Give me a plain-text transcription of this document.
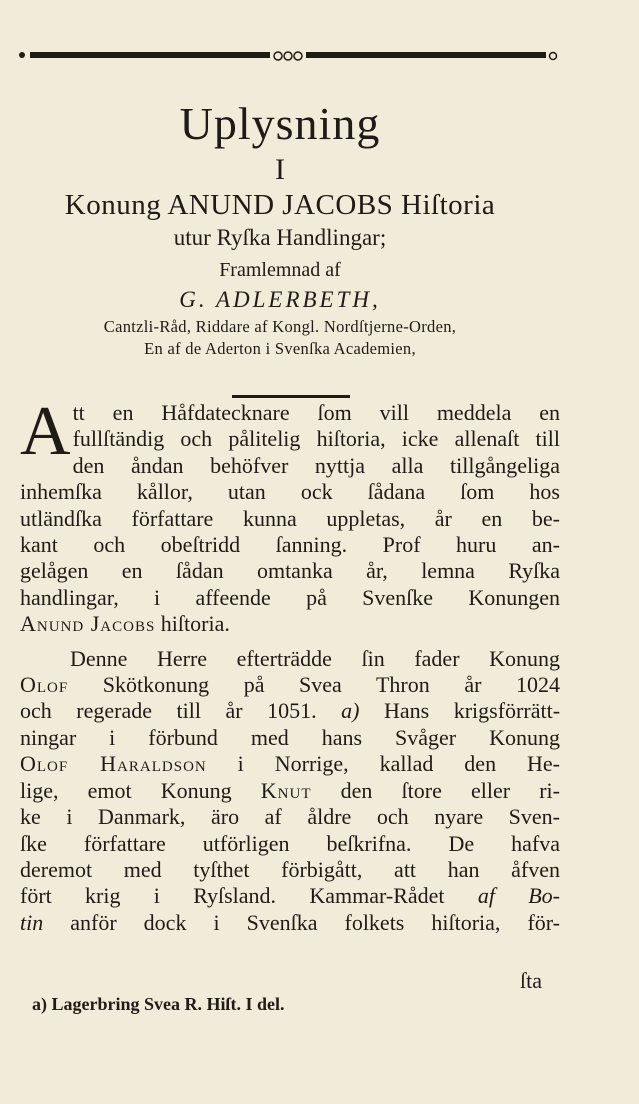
Uplysning
I
Konung ANUND JACOBS Hiſtoria
utur Ryſka Handlingar;
Framlemnad af
G. ADLERBETH,
Cantzli-Råd, Riddare af Kongl. Nordſtjerne-Orden,
En af de Aderton i Svenſka Academien,
A tt en Håfdatecknare ſom vill meddela en
fullſtändig och pålitelig hiſtoria, icke allenaſt till
den åndan behöfver nyttja alla tillgångeliga
inhemſka kållor, utan ock ſådana ſom hos
utländſka författare kunna uppletas, år en be-
kant och obeſtridd ſanning. Prof huru an-
gelågen en ſådan omtanka år, lemna Ryſka
handlingar, i affeende på Svenſke Konungen
Anund Jacobs hiſtoria.
Denne Herre efterträdde ſin fader Konung
Olof Skötkonung på Svea Thron år 1024
och regerade till år 1051. a) Hans krigsförrätt-
ningar i förbund med hans Svåger Konung
Olof Haraldson i Norrige, kallad den He-
lige, emot Konung Knut den ſtore eller ri-
ke i Danmark, äro af åldre och nyare Sven-
ſke författare utförligen beſkrifna. De hafva
deremot med tyſthet förbigått, att han åfven
fört krig i Ryſsland. Kammar-Rådet af Bo-
tin anför dock i Svenſka folkets hiſtoria, för-
ſta
a) Lagerbring Svea R. Hiſt. I del.
